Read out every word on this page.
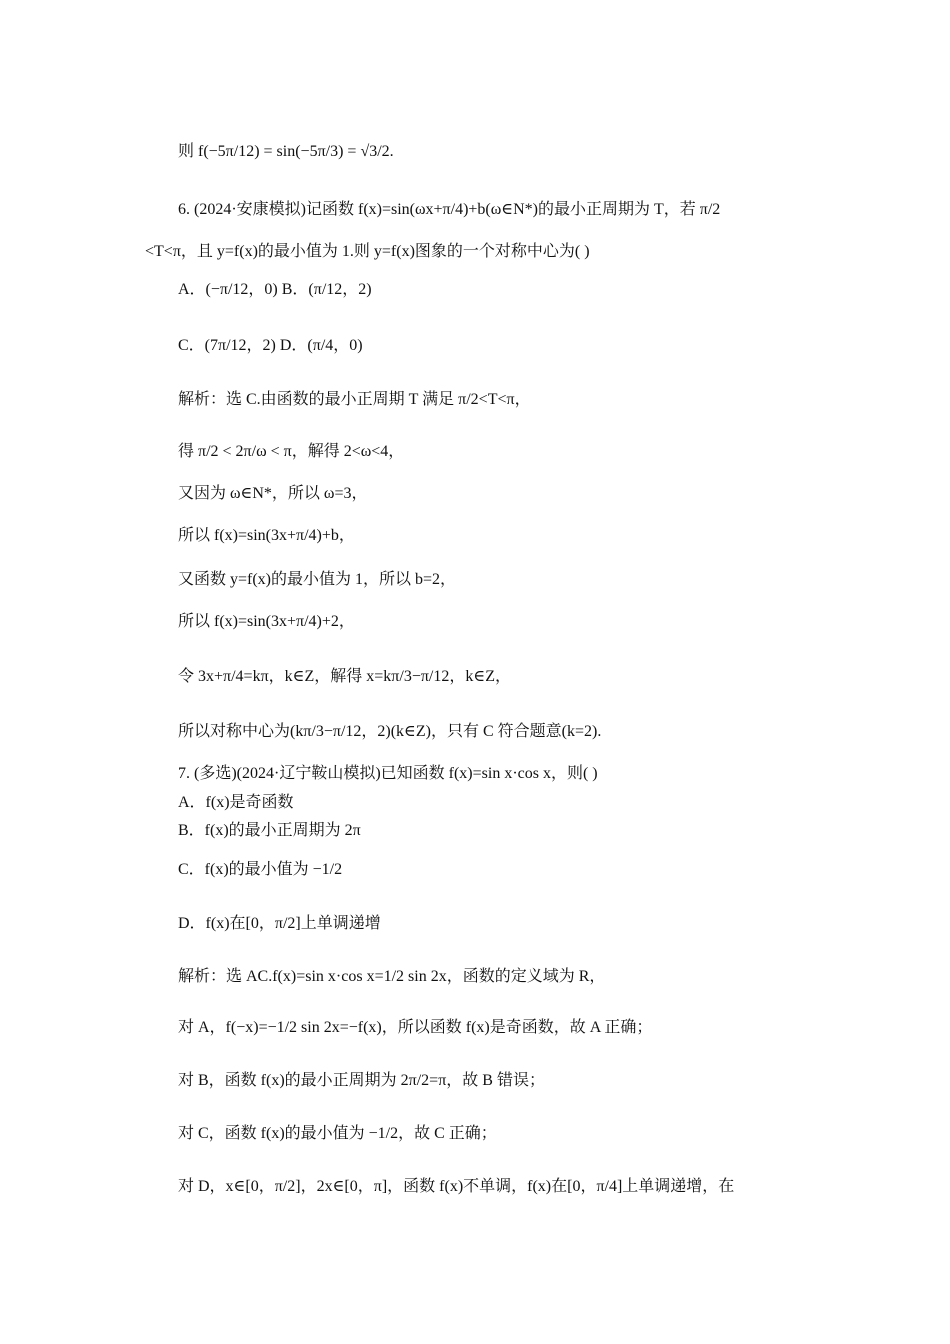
则 f(−5π/12) = sin(−5π/3) = √3/2.
6. (2024·安康模拟)记函数 f(x)=sin(ωx+π/4)+b(ω∈N*)的最小正周期为 T，若 π/2
<T<π，且 y=f(x)的最小值为 1.则 y=f(x)图象的一个对称中心为( )
A．(−π/12，0) B．(π/12，2)
C．(7π/12，2) D．(π/4，0)
解析：选 C.由函数的最小正周期 T 满足 π/2<T<π，
得 π/2 < 2π/ω < π，解得 2<ω<4，
又因为 ω∈N*，所以 ω=3，
所以 f(x)=sin(3x+π/4)+b，
又函数 y=f(x)的最小值为 1，所以 b=2，
所以 f(x)=sin(3x+π/4)+2，
令 3x+π/4=kπ，k∈Z，解得 x=kπ/3−π/12，k∈Z，
所以对称中心为(kπ/3−π/12，2)(k∈Z)，只有 C 符合题意(k=2).
7. (多选)(2024·辽宁鞍山模拟)已知函数 f(x)=sin x·cos x，则( )
A．f(x)是奇函数
B．f(x)的最小正周期为 2π
C．f(x)的最小值为 −1/2
D．f(x)在[0，π/2]上单调递增
解析：选 AC.f(x)=sin x·cos x=1/2 sin 2x，函数的定义域为 R，
对 A，f(−x)=−1/2 sin 2x=−f(x)，所以函数 f(x)是奇函数，故 A 正确；
对 B，函数 f(x)的最小正周期为 2π/2=π，故 B 错误；
对 C，函数 f(x)的最小值为 −1/2，故 C 正确；
对 D，x∈[0，π/2]，2x∈[0，π]，函数 f(x)不单调，f(x)在[0，π/4]上单调递增，在
